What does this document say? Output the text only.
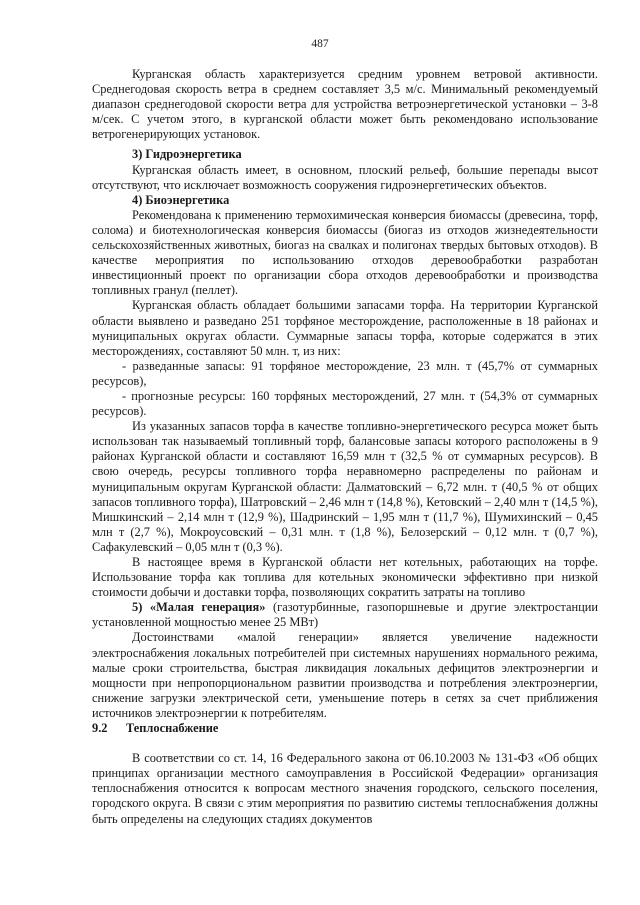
487

Курганская область характеризуется средним уровнем ветровой активности. Среднегодовая скорость ветра в среднем составляет 3,5 м/с. Минимальный рекомендуемый диапазон среднегодовой скорости ветра для устройства ветроэнергетической установки – 3-8 м/сек. С учетом этого, в курганской области может быть рекомендовано использование ветрогенерирующих установок.

3) Гидроэнергетика

Курганская область имеет, в основном, плоский рельеф, большие перепады высот отсутствуют, что исключает возможность сооружения гидроэнергетических объектов.

4) Биоэнергетика

Рекомендована к применению термохимическая конверсия биомассы (древесина, торф, солома) и биотехнологическая конверсия биомассы (биогаз из отходов жизнедеятельности сельскохозяйственных животных, биогаз на свалках и полигонах твердых бытовых отходов). В качестве мероприятия по использованию отходов деревообработки разработан инвестиционный проект по организации сбора отходов деревообработки и производства топливных гранул (пеллет).

Курганская область обладает большими запасами торфа. На территории Курганской области выявлено и разведано 251 торфяное месторождение, расположенные в 18 районах и муниципальных округах области. Суммарные запасы торфа, которые содержатся в этих месторождениях, составляют 50 млн. т, из них:

- разведанные запасы: 91 торфяное месторождение, 23 млн. т (45,7% от суммарных ресурсов),

- прогнозные ресурсы: 160 торфяных месторождений, 27 млн. т (54,3% от суммарных ресурсов).

Из указанных запасов торфа в качестве топливно-энергетического ресурса может быть использован так называемый топливный торф, балансовые запасы которого расположены в 9 районах Курганской области и составляют 16,59 млн т (32,5 % от суммарных ресурсов). В свою очередь, ресурсы топливного торфа неравномерно распределены по районам и муниципальным округам Курганской области: Далматовский – 6,72 млн. т (40,5 % от общих запасов топливного торфа), Шатровский – 2,46 млн т (14,8 %), Кетовский – 2,40 млн т (14,5 %), Мишкинский – 2,14 млн т (12,9 %), Шадринский – 1,95 млн т (11,7 %), Шумихинский – 0,45 млн т (2,7 %), Мокроусовский – 0,31 млн. т (1,8 %), Белозерский – 0,12 млн. т (0,7 %), Сафакулевский – 0,05 млн т (0,3 %).

В настоящее время в Курганской области нет котельных, работающих на торфе. Использование торфа как топлива для котельных экономически эффективно при низкой стоимости добычи и доставки торфа, позволяющих сократить затраты на топливо

5) «Малая генерация» (газотурбинные, газопоршневые и другие электростанции установленной мощностью менее 25 МВт)

Достоинствами «малой генерации» является увеличение надежности электроснабжения локальных потребителей при системных нарушениях нормального режима, малые сроки строительства, быстрая ликвидация локальных дефицитов электроэнергии и мощности при непропорциональном развитии производства и потребления электроэнергии, снижение загрузки электрической сети, уменьшение потерь в сетях за счет приближения источников электроэнергии к потребителям.

9.2 Теплоснабжение

В соответствии со ст. 14, 16 Федерального закона от 06.10.2003 № 131-ФЗ «Об общих принципах организации местного самоуправления в Российской Федерации» организация теплоснабжения относится к вопросам местного значения городского, сельского поселения, городского округа. В связи с этим мероприятия по развитию системы теплоснабжения должны быть определены на следующих стадиях документов
